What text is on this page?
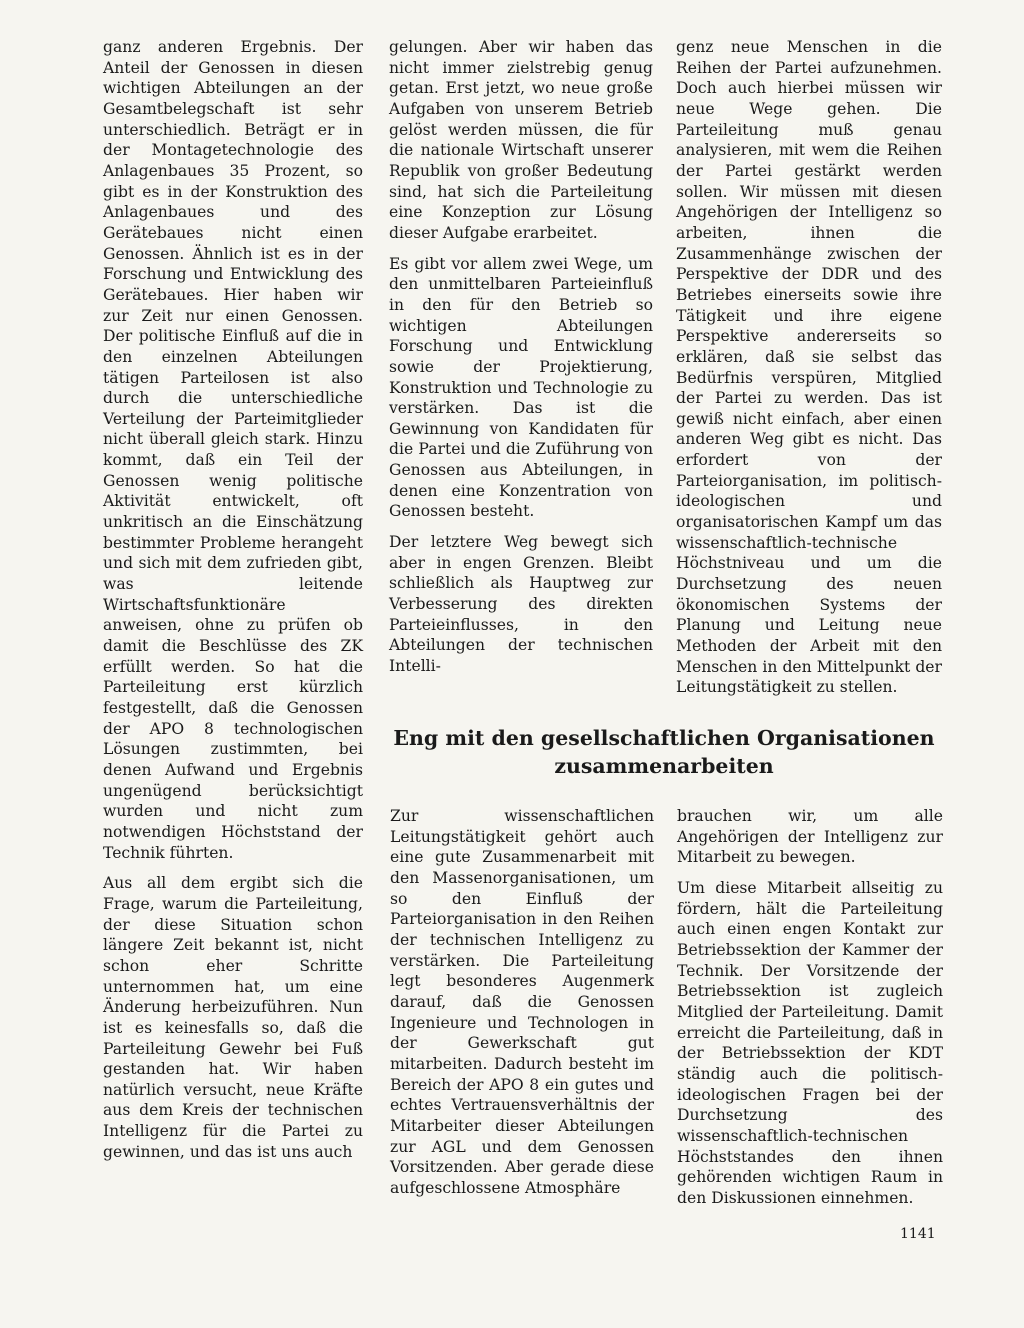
ganz anderen Ergebnis. Der Anteil der Genossen in diesen wichtigen Abteilungen an der Gesamtbelegschaft ist sehr unterschiedlich. Beträgt er in der Montagetechnologie des Anlagenbaues 35 Prozent, so gibt es in der Konstruktion des Anlagenbaues und des Gerätebaues nicht einen Genossen. Ähnlich ist es in der Forschung und Entwicklung des Gerätebaues. Hier haben wir zur Zeit nur einen Genossen. Der politische Einfluß auf die in den einzelnen Abteilungen tätigen Parteilosen ist also durch die unterschiedliche Verteilung der Parteimitglieder nicht überall gleich stark. Hinzu kommt, daß ein Teil der Genossen wenig politische Aktivität entwickelt, oft unkritisch an die Einschätzung bestimmter Probleme herangeht und sich mit dem zufrieden gibt, was leitende Wirtschaftsfunktionäre anweisen, ohne zu prüfen ob damit die Beschlüsse des ZK erfüllt werden. So hat die Parteileitung erst kürzlich festgestellt, daß die Genossen der APO 8 technologischen Lösungen zustimmten, bei denen Aufwand und Ergebnis ungenügend berücksichtigt wurden und nicht zum notwendigen Höchststand der Technik führten.

Aus all dem ergibt sich die Frage, warum die Parteileitung, der diese Situation schon längere Zeit bekannt ist, nicht schon eher Schritte unternommen hat, um eine Änderung herbeizuführen. Nun ist es keinesfalls so, daß die Parteileitung Gewehr bei Fuß gestanden hat. Wir haben natürlich versucht, neue Kräfte aus dem Kreis der technischen Intelligenz für die Partei zu gewinnen, und das ist uns auch

gelungen. Aber wir haben das nicht immer zielstrebig genug getan. Erst jetzt, wo neue große Aufgaben von unserem Betrieb gelöst werden müssen, die für die nationale Wirtschaft unserer Republik von großer Bedeutung sind, hat sich die Parteileitung eine Konzeption zur Lösung dieser Aufgabe erarbeitet.

Es gibt vor allem zwei Wege, um den unmittelbaren Parteieinfluß in den für den Betrieb so wichtigen Abteilungen Forschung und Entwicklung sowie der Projektierung, Konstruktion und Technologie zu verstärken. Das ist die Gewinnung von Kandidaten für die Partei und die Zuführung von Genossen aus Abteilungen, in denen eine Konzentration von Genossen besteht.

Der letztere Weg bewegt sich aber in engen Grenzen. Bleibt schließlich als Hauptweg zur Verbesserung des direkten Parteieinflusses, in den Abteilungen der technischen Intelli-

genz neue Menschen in die Reihen der Partei aufzunehmen. Doch auch hierbei müssen wir neue Wege gehen. Die Parteileitung muß genau analysieren, mit wem die Reihen der Partei gestärkt werden sollen. Wir müssen mit diesen Angehörigen der Intelligenz so arbeiten, ihnen die Zusammenhänge zwischen der Perspektive der DDR und des Betriebes einerseits sowie ihre Tätigkeit und ihre eigene Perspektive andererseits so erklären, daß sie selbst das Bedürfnis verspüren, Mitglied der Partei zu werden. Das ist gewiß nicht einfach, aber einen anderen Weg gibt es nicht. Das erfordert von der Parteiorganisation, im politisch-ideologischen und organisatorischen Kampf um das wissenschaftlich-technische Höchstniveau und um die Durchsetzung des neuen ökonomischen Systems der Planung und Leitung neue Methoden der Arbeit mit den Menschen in den Mittelpunkt der Leitungstätigkeit zu stellen.

Eng mit den gesellschaftlichen Organisationen zusammenarbeiten

Zur wissenschaftlichen Leitungstätigkeit gehört auch eine gute Zusammenarbeit mit den Massenorganisationen, um so den Einfluß der Parteiorganisation in den Reihen der technischen Intelligenz zu verstärken. Die Parteileitung legt besonderes Augenmerk darauf, daß die Genossen Ingenieure und Technologen in der Gewerkschaft gut mitarbeiten. Dadurch besteht im Bereich der APO 8 ein gutes und echtes Vertrauensverhältnis der Mitarbeiter dieser Abteilungen zur AGL und dem Genossen Vorsitzenden. Aber gerade diese aufgeschlossene Atmosphäre

brauchen wir, um alle Angehörigen der Intelligenz zur Mitarbeit zu bewegen.

Um diese Mitarbeit allseitig zu fördern, hält die Parteileitung auch einen engen Kontakt zur Betriebssektion der Kammer der Technik. Der Vorsitzende der Betriebssektion ist zugleich Mitglied der Parteileitung. Damit erreicht die Parteileitung, daß in der Betriebssektion der KDT ständig auch die politisch-ideologischen Fragen bei der Durchsetzung des wissenschaftlich-technischen Höchststandes den ihnen gehörenden wichtigen Raum in den Diskussionen einnehmen.

1141
